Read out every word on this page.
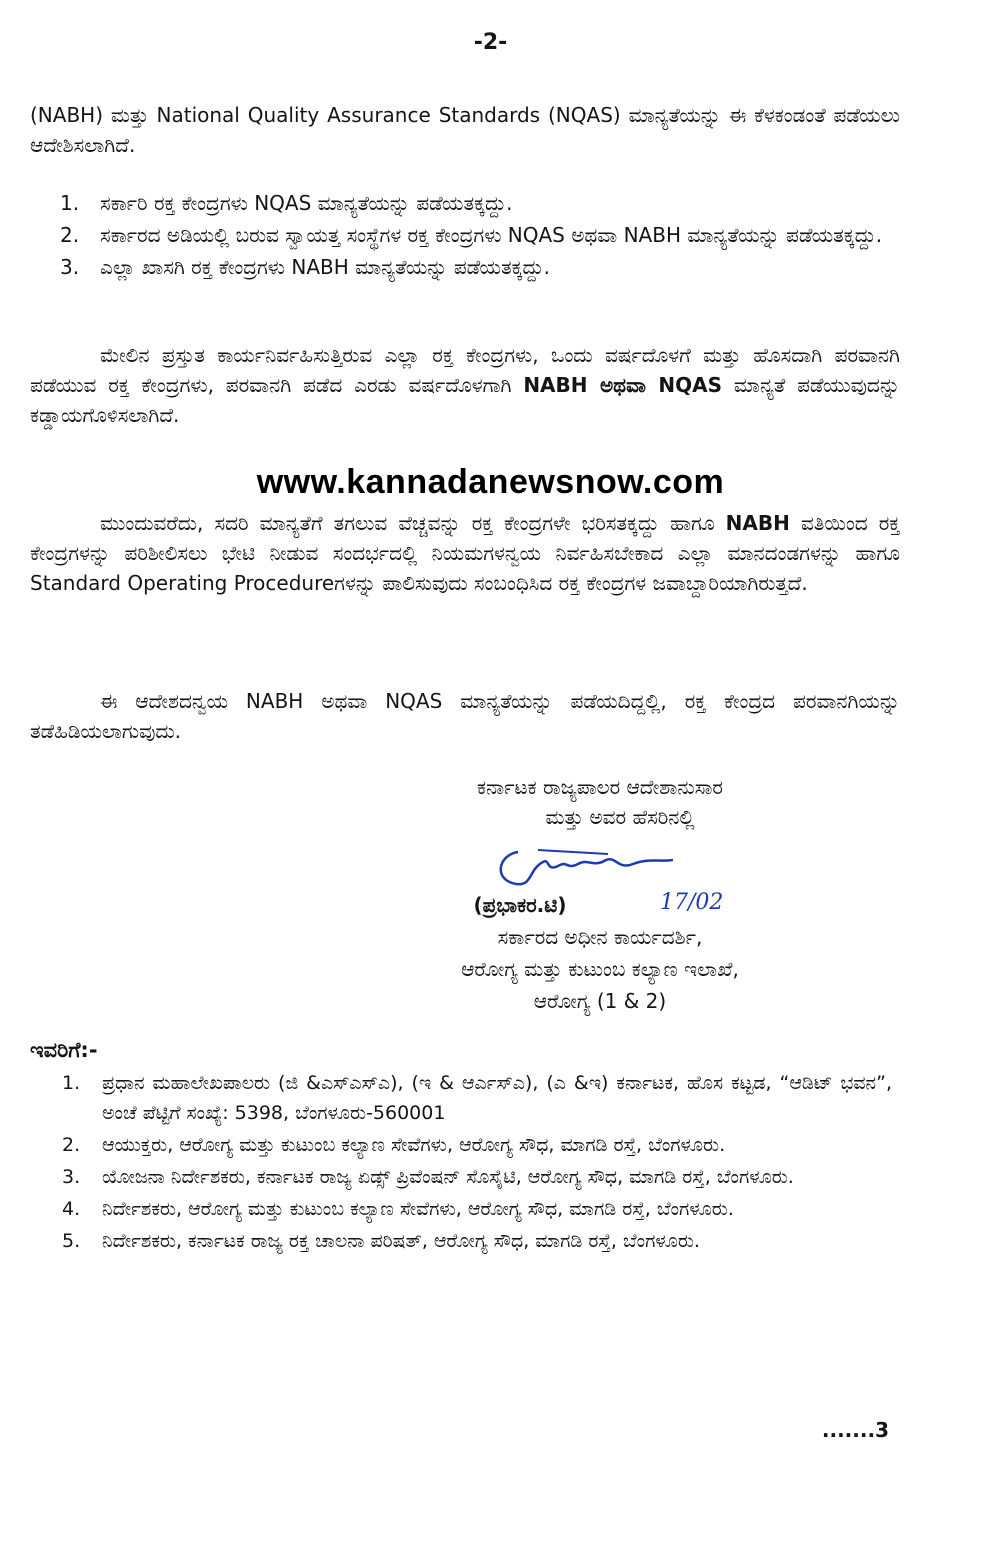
-2-

(NABH) ಮತ್ತು National Quality Assurance Standards (NQAS) ಮಾನ್ಯತೆಯನ್ನು ಈ ಕೆಳಕಂಡಂತೆ ಪಡೆಯಲು ಆದೇಶಿಸಲಾಗಿದೆ.

1. ಸರ್ಕಾರಿ ರಕ್ತ ಕೇಂದ್ರಗಳು NQAS ಮಾನ್ಯತೆಯನ್ನು ಪಡೆಯತಕ್ಕದ್ದು.
2. ಸರ್ಕಾರದ ಅಡಿಯಲ್ಲಿ ಬರುವ ಸ್ವಾಯತ್ತ ಸಂಸ್ಥೆಗಳ ರಕ್ತ ಕೇಂದ್ರಗಳು NQAS ಅಥವಾ NABH ಮಾನ್ಯತೆಯನ್ನು ಪಡೆಯತಕ್ಕದ್ದು.
3. ಎಲ್ಲಾ ಖಾಸಗಿ ರಕ್ತ ಕೇಂದ್ರಗಳು NABH ಮಾನ್ಯತೆಯನ್ನು ಪಡೆಯತಕ್ಕದ್ದು.

ಮೇಲಿನ ಪ್ರಸ್ತುತ ಕಾರ್ಯನಿರ್ವಹಿಸುತ್ತಿರುವ ಎಲ್ಲಾ ರಕ್ತ ಕೇಂದ್ರಗಳು, ಒಂದು ವರ್ಷದೊಳಗೆ ಮತ್ತು ಹೊಸದಾಗಿ ಪರವಾನಗಿ ಪಡೆಯುವ ರಕ್ತ ಕೇಂದ್ರಗಳು, ಪರವಾನಗಿ ಪಡೆದ ಎರಡು ವರ್ಷದೊಳಗಾಗಿ NABH ಅಥವಾ NQAS ಮಾನ್ಯತೆ ಪಡೆಯುವುದನ್ನು ಕಡ್ಡಾಯಗೊಳಿಸಲಾಗಿದೆ.

www.kannadanewsnow.com

ಮುಂದುವರೆದು, ಸದರಿ ಮಾನ್ಯತೆಗೆ ತಗಲುವ ವೆಚ್ಚವನ್ನು ರಕ್ತ ಕೇಂದ್ರಗಳೇ ಭರಿಸತಕ್ಕದ್ದು ಹಾಗೂ NABH ವತಿಯಿಂದ ರಕ್ತ ಕೇಂದ್ರಗಳನ್ನು ಪರಿಶೀಲಿಸಲು ಭೇಟಿ ನೀಡುವ ಸಂದರ್ಭದಲ್ಲಿ ನಿಯಮಗಳನ್ವಯ ನಿರ್ವಹಿಸಬೇಕಾದ ಎಲ್ಲಾ ಮಾನದಂಡಗಳನ್ನು ಹಾಗೂ Standard Operating Procedureಗಳನ್ನು ಪಾಲಿಸುವುದು ಸಂಬಂಧಿಸಿದ ರಕ್ತ ಕೇಂದ್ರಗಳ ಜವಾಬ್ದಾರಿಯಾಗಿರುತ್ತದೆ.

ಈ ಆದೇಶದನ್ವಯ NABH ಅಥವಾ NQAS ಮಾನ್ಯತೆಯನ್ನು ಪಡೆಯದಿದ್ದಲ್ಲಿ, ರಕ್ತ ಕೇಂದ್ರದ ಪರವಾನಗಿಯನ್ನು ತಡೆಹಿಡಿಯಲಾಗುವುದು.

ಕರ್ನಾಟಕ ರಾಜ್ಯಪಾಲರ ಆದೇಶಾನುಸಾರ
ಮತ್ತು ಅವರ ಹೆಸರಿನಲ್ಲಿ
(ಪ್ರಭಾಕರ.ಟಿ)	17/02
ಸರ್ಕಾರದ ಅಧೀನ ಕಾರ್ಯದರ್ಶಿ,
ಆರೋಗ್ಯ ಮತ್ತು ಕುಟುಂಬ ಕಲ್ಯಾಣ ಇಲಾಖೆ,
ಆರೋಗ್ಯ (1 & 2)
ಇವರಿಗೆ:-
1. ಪ್ರಧಾನ ಮಹಾಲೇಖಪಾಲರು (ಜಿ &ಎಸ್ಎಸ್ಎ), (ಇ & ಆರ್ಎಸ್ಎ), (ಎ &ಇ) ಕರ್ನಾಟಕ, ಹೊಸ ಕಟ್ಟಡ, “ಆಡಿಟ್ ಭವನ”, ಅಂಚೆ ಪೆಟ್ಟಿಗೆ ಸಂಖ್ಯೆ: 5398, ಬೆಂಗಳೂರು-560001
2. ಆಯುಕ್ತರು, ಆರೋಗ್ಯ ಮತ್ತು ಕುಟುಂಬ ಕಲ್ಯಾಣ ಸೇವೆಗಳು, ಆರೋಗ್ಯ ಸೌಧ, ಮಾಗಡಿ ರಸ್ತೆ, ಬೆಂಗಳೂರು.
3. ಯೋಜನಾ ನಿರ್ದೇಶಕರು, ಕರ್ನಾಟಕ ರಾಜ್ಯ ಏಡ್ಸ್ ಪ್ರಿವೆಂಷನ್ ಸೊಸೈಟಿ, ಆರೋಗ್ಯ ಸೌಧ, ಮಾಗಡಿ ರಸ್ತೆ, ಬೆಂಗಳೂರು.
4. ನಿರ್ದೇಶಕರು, ಆರೋಗ್ಯ ಮತ್ತು ಕುಟುಂಬ ಕಲ್ಯಾಣ ಸೇವೆಗಳು, ಆರೋಗ್ಯ ಸೌಧ, ಮಾಗಡಿ ರಸ್ತೆ, ಬೆಂಗಳೂರು.
5. ನಿರ್ದೇಶಕರು, ಕರ್ನಾಟಕ ರಾಜ್ಯ ರಕ್ತ ಚಾಲನಾ ಪರಿಷತ್, ಆರೋಗ್ಯ ಸೌಧ, ಮಾಗಡಿ ರಸ್ತೆ, ಬೆಂಗಳೂರು.
.......3
